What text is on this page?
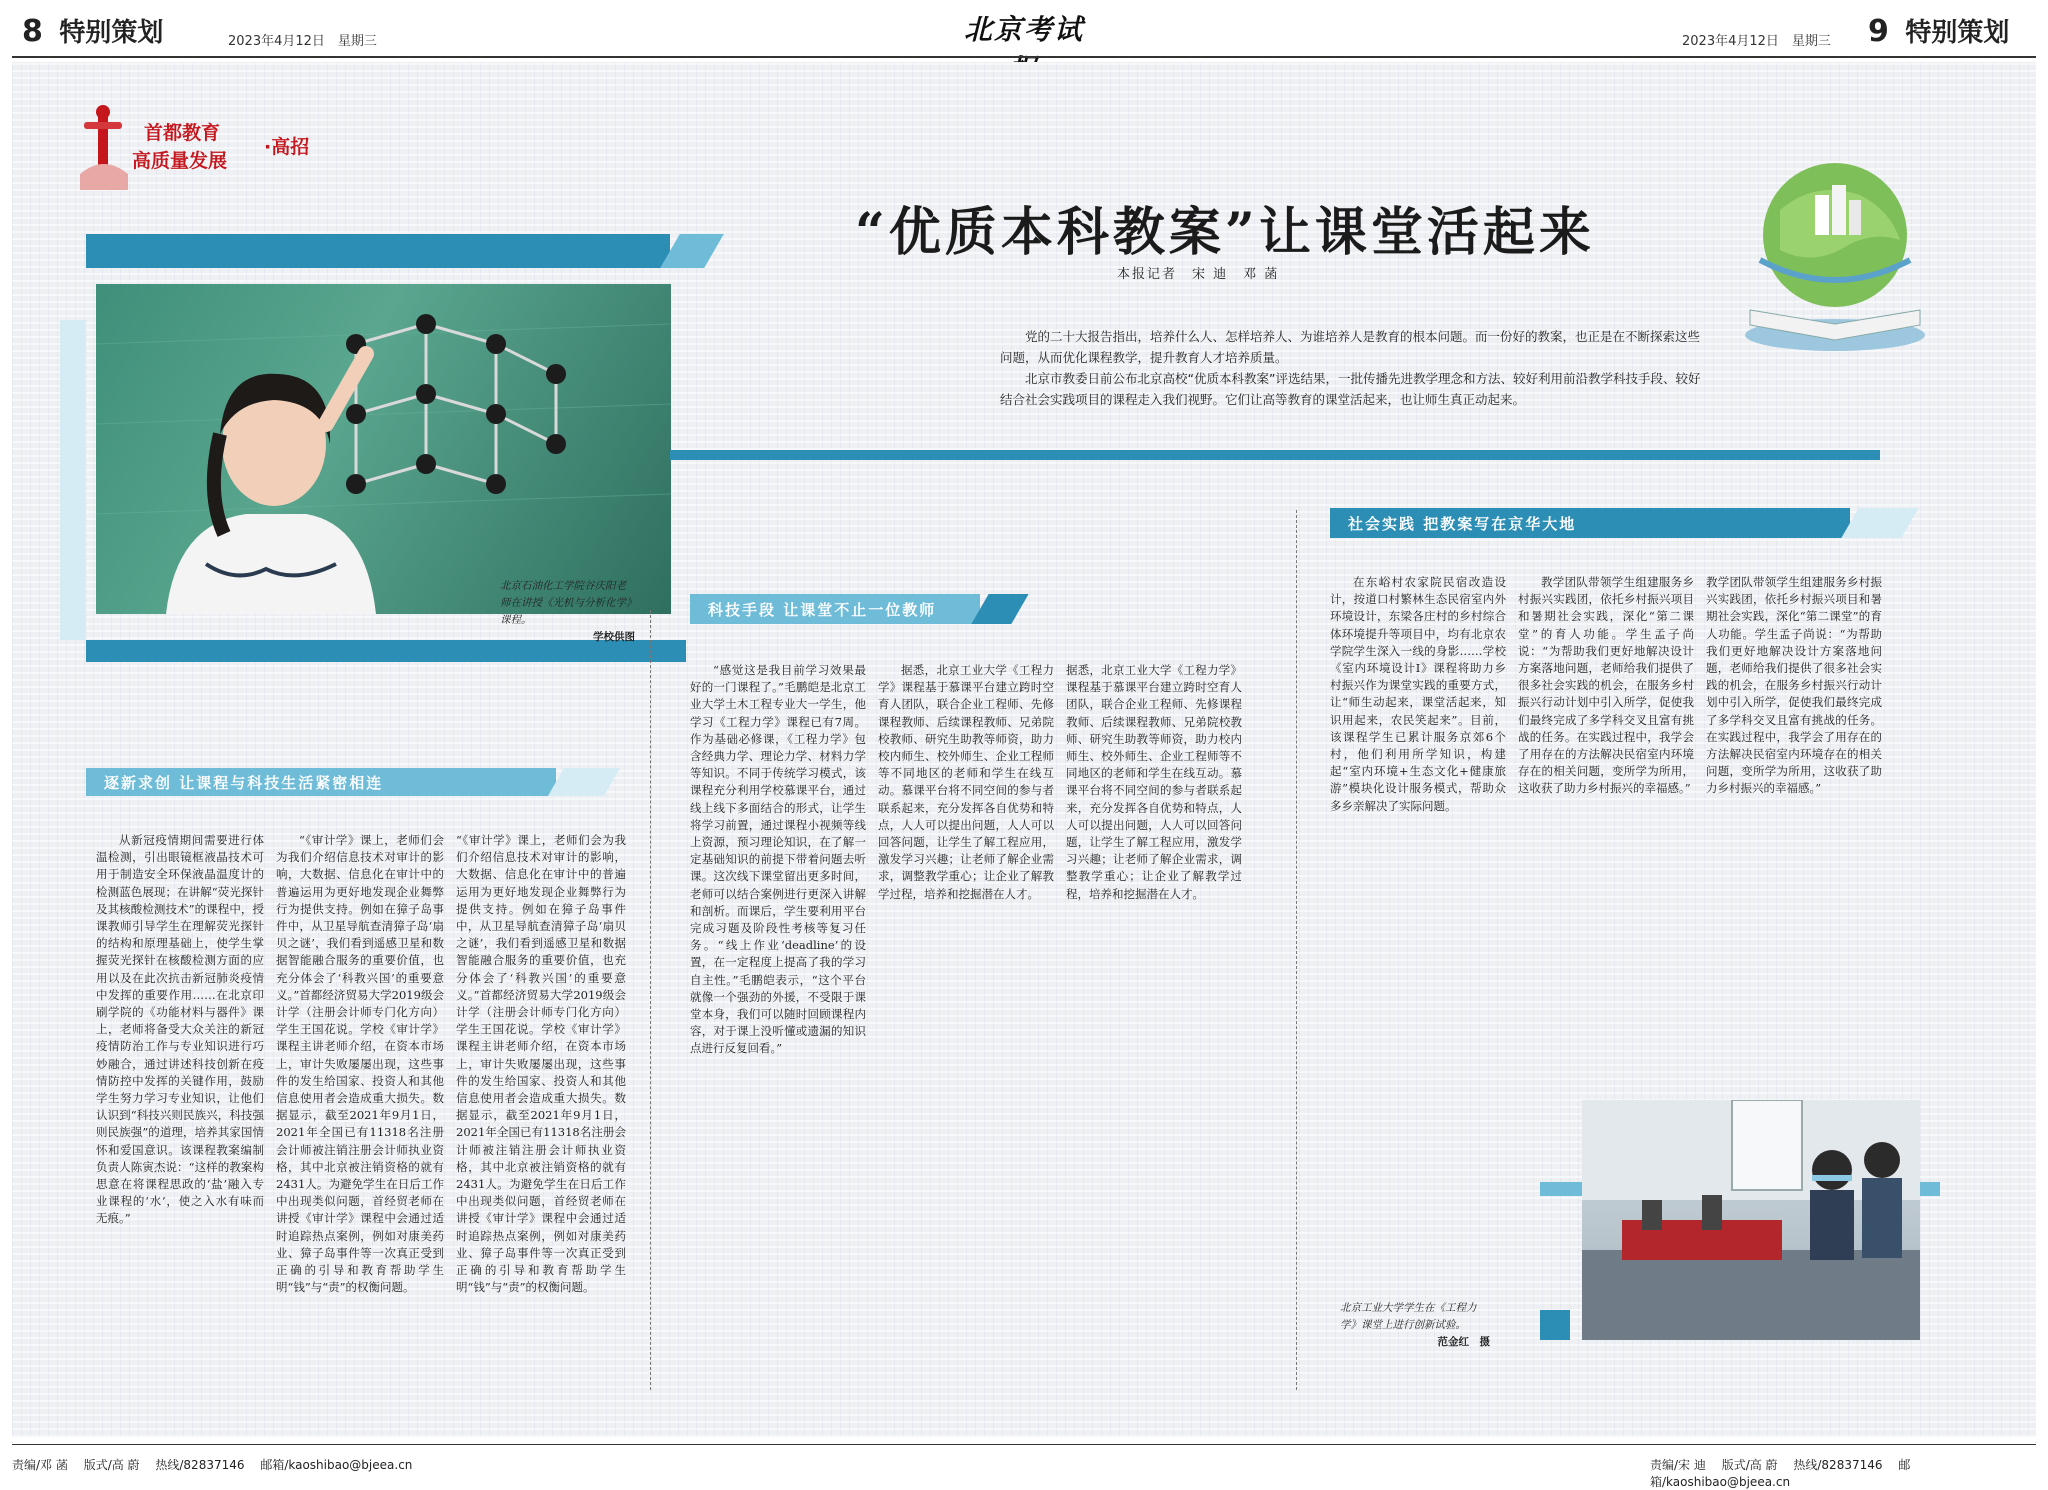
8 特别策划	2023年4月12日　星期三	北京考试	2023年4月12日　星期三 9 特别策划
首都教育
高质量发展
·高招
“优质本科教案”让课堂活起来
本报记者　宋 迪　邓 菡
北京石油化工学院谷庆阳老师在讲授《光机与分析化学》课程。
学校供图

党的二十大报告指出，培养什么人、怎样培养人、为谁培养人是教育的根本问题。而一份好的教案，也正是在不断探索这些问题，从而优化课程教学，提升教育人才培养质量。

北京市教委日前公布北京高校“优质本科教案”评选结果，一批传播先进教学理念和方法、较好利用前沿教学科技手段、较好结合社会实践项目的课程走入我们视野。它们让高等教育的课堂活起来，也让师生真正动起来。

逐新求创 让课程与科技生活紧密相连

从新冠疫情期间需要进行体温检测，引出眼镜框液晶技术可用于制造安全环保液晶温度计的检测蓝色展现；在讲解“荧光探针及其核酸检测技术”的课程中，授课教师引导学生在理解荧光探针的结构和原理基础上，使学生掌握荧光探针在核酸检测方面的应用以及在此次抗击新冠肺炎疫情中发挥的重要作用……在北京印刷学院的《功能材料与器件》课上，老师将备受大众关注的新冠疫情防治工作与专业知识进行巧妙融合，通过讲述科技创新在疫情防控中发挥的关键作用，鼓励学生努力学习专业知识，让他们认识到“科技兴则民族兴，科技强则民族强”的道理，培养其家国情怀和爱国意识。该课程教案编制负责人陈寅杰说：“这样的教案构思意在将课程思政的‘盐’融入专业课程的‘水’，使之入水有味而无痕。”

“《审计学》课上，老师们会为我们介绍信息技术对审计的影响，大数据、信息化在审计中的普遍运用为更好地发现企业舞弊行为提供支持。例如在獐子岛事件中，从卫星导航查清獐子岛‘扇贝之谜’，我们看到遥感卫星和数据智能融合服务的重要价值，也充分体会了‘科教兴国’的重要意义。”首都经济贸易大学2019级会计学（注册会计师专门化方向）学生王国花说。学校《审计学》课程主讲老师介绍，在资本市场上，审计失败屡屡出现，这些事件的发生给国家、投资人和其他信息使用者会造成重大损失。数据显示，截至2021年9月1日，2021年全国已有11318名注册会计师被注销注册会计师执业资格，其中北京被注销资格的就有2431人。为避免学生在日后工作中出现类似问题，首经贸老师在讲授《审计学》课程中会通过适时追踪热点案例，例如对康美药业、獐子岛事件等一次真正受到正确的引导和教育帮助学生明“钱”与“责”的权衡问题。

“《审计学》课上，老师们会为我们介绍信息技术对审计的影响，大数据、信息化在审计中的普遍运用为更好地发现企业舞弊行为提供支持。例如在獐子岛事件中，从卫星导航查清獐子岛‘扇贝之谜’，我们看到遥感卫星和数据智能融合服务的重要价值，也充分体会了‘科教兴国’的重要意义。”首都经济贸易大学2019级会计学（注册会计师专门化方向）学生王国花说。学校《审计学》课程主讲老师介绍，在资本市场上，审计失败屡屡出现，这些事件的发生给国家、投资人和其他信息使用者会造成重大损失。数据显示，截至2021年9月1日，2021年全国已有11318名注册会计师被注销注册会计师执业资格，其中北京被注销资格的就有2431人。为避免学生在日后工作中出现类似问题，首经贸老师在讲授《审计学》课程中会通过适时追踪热点案例，例如对康美药业、獐子岛事件等一次真正受到正确的引导和教育帮助学生明“钱”与“责”的权衡问题。

科技手段 让课堂不止一位教师

“感觉这是我目前学习效果最好的一门课程了。”毛鹏皑是北京工业大学土木工程专业大一学生，他学习《工程力学》课程已有7周。作为基础必修课，《工程力学》包含经典力学、理论力学、材料力学等知识。不同于传统学习模式，该课程充分利用学校慕课平台，通过线上线下多面结合的形式，让学生将学习前置，通过课程小视频等线上资源，预习理论知识，在了解一定基础知识的前提下带着问题去听课。这次线下课堂留出更多时间，老师可以结合案例进行更深入讲解和剖析。而课后，学生要利用平台完成习题及阶段性考核等复习任务。“线上作业‘deadline’的设置，在一定程度上提高了我的学习自主性。”毛鹏皑表示，“这个平台就像一个强劲的外援，不受限于课堂本身，我们可以随时回顾课程内容，对于课上没听懂或遗漏的知识点进行反复回看。”

据悉，北京工业大学《工程力学》课程基于慕课平台建立跨时空育人团队，联合企业工程师、先修课程教师、后续课程教师、兄弟院校教师、研究生助教等师资，助力校内师生、校外师生、企业工程师等不同地区的老师和学生在线互动。慕课平台将不同空间的参与者联系起来，充分发挥各自优势和特点，人人可以提出问题，人人可以回答问题，让学生了解工程应用，激发学习兴趣；让老师了解企业需求，调整教学重心；让企业了解教学过程，培养和挖掘潜在人才。

据悉，北京工业大学《工程力学》课程基于慕课平台建立跨时空育人团队，联合企业工程师、先修课程教师、后续课程教师、兄弟院校教师、研究生助教等师资，助力校内师生、校外师生、企业工程师等不同地区的老师和学生在线互动。慕课平台将不同空间的参与者联系起来，充分发挥各自优势和特点，人人可以提出问题，人人可以回答问题，让学生了解工程应用，激发学习兴趣；让老师了解企业需求，调整教学重心；让企业了解教学过程，培养和挖掘潜在人才。

社会实践 把教案写在京华大地

在东峪村农家院民宿改造设计，按道口村繁林生态民宿室内外环境设计，东梁各庄村的乡村综合体环境提升等项目中，均有北京农学院学生深入一线的身影……学校《室内环境设计Ⅰ》课程将助力乡村振兴作为课堂实践的重要方式，让“师生动起来，课堂活起来，知识用起来，农民笑起来”。目前，该课程学生已累计服务京郊6个村，他们利用所学知识，构建起“室内环境+生态文化+健康旅游”模块化设计服务模式，帮助众多乡亲解决了实际问题。

教学团队带领学生组建服务乡村振兴实践团，依托乡村振兴项目和暑期社会实践，深化“第二课堂”的育人功能。学生孟子尚说：“为帮助我们更好地解决设计方案落地问题，老师给我们提供了很多社会实践的机会，在服务乡村振兴行动计划中引入所学，促使我们最终完成了多学科交叉且富有挑战的任务。在实践过程中，我学会了用存在的方法解决民宿室内环境存在的相关问题，变所学为所用，这收获了助力乡村振兴的幸福感。”

教学团队带领学生组建服务乡村振兴实践团，依托乡村振兴项目和暑期社会实践，深化“第二课堂”的育人功能。学生孟子尚说：“为帮助我们更好地解决设计方案落地问题，老师给我们提供了很多社会实践的机会，在服务乡村振兴行动计划中引入所学，促使我们最终完成了多学科交叉且富有挑战的任务。在实践过程中，我学会了用存在的方法解决民宿室内环境存在的相关问题，变所学为所用，这收获了助力乡村振兴的幸福感。”

北京工业大学学生在《工程力学》课堂上进行创新试验。
范金红　摄
责编/邓 菡 版式/高 蔚 热线/82837146 邮箱/kaoshibao@bjeea.cn	责编/宋 迪 版式/高 蔚 热线/82837146 邮箱/kaoshibao@bjeea.cn
